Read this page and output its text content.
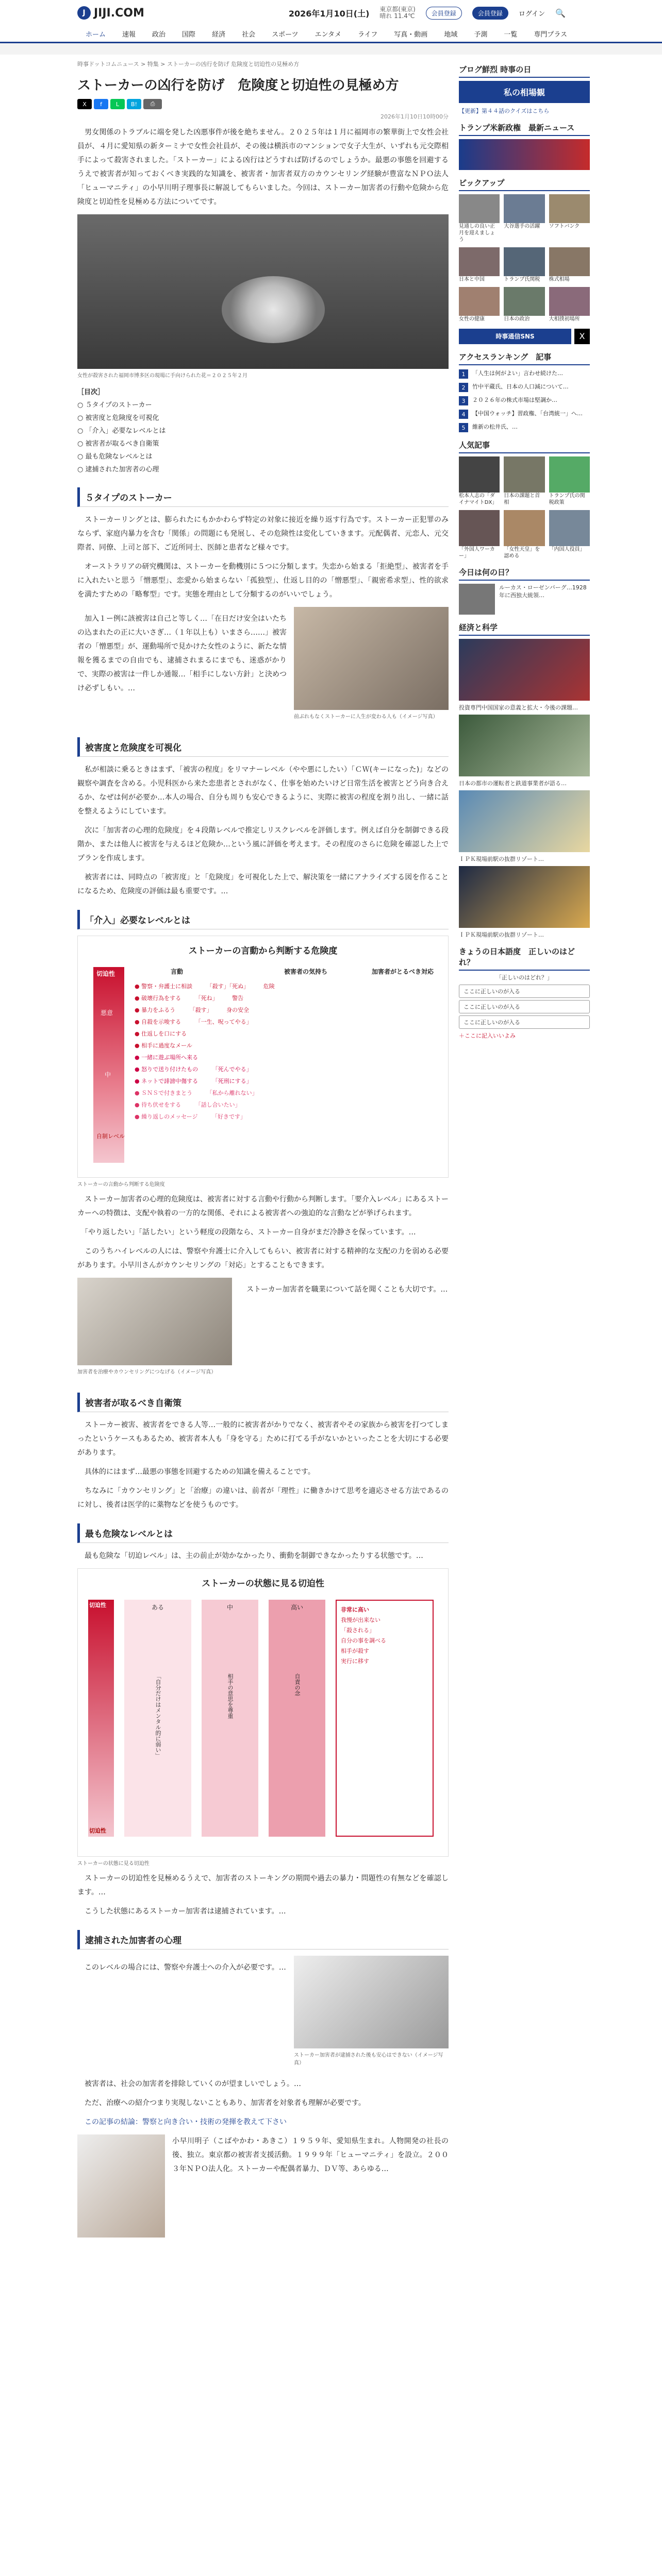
J JIJI.COM	2026年1月10日(土) 東京都(東京)
晴れ 11.4℃	会員登録	会員登録	ログイン 🔍
ホーム	速報	政治	国際	経済	社会	スポーツ	エンタメ	ライフ	写真・動画	地域	予測	一覧	専門プラス
時事ドットコムニュース > 特集 > ストーカーの凶行を防げ 危険度と切迫性の見極め方
ストーカーの凶行を防げ　危険度と切迫性の見極め方
X	f	L	B!	⎙
2026年1月10日10時00分

　男女関係のトラブルに端を発した凶悪事件が後を絶ちません。２０２５年は１月に福岡市の繁華街上で女性会社員が、４月に愛知県の新ターミナで女性会社員が、その後は横浜市のマンションで女子大生が、いずれも元交際相手によって殺害されました。「ストーカー」による凶行はどうすれば防げるのでしょうか。最悪の事態を回避するうえで被害者が知っておくべき実践的な知識を、被害者・加害者双方のカウンセリング経験が豊富なＮＰＯ法人「ヒューマニティ」の小早川明子理事長に解説してもらいました。今回は、ストーカー加害者の行動や危険から危険度と切迫性を見極める方法についてです。

女性が殺害された福岡市博多区の現場に手向けられた花＝２０２５年２月
［目次］
○ ５タイプのストーカー
○ 被害度と危険度を可視化
○ 「介入」必要なレベルとは
○ 被害者が取るべき自衛策
○ 最も危険なレベルとは
○ 逮捕された加害者の心理
５タイプのストーカー

　ストーカーリングとは、膨られたにもかかわらず特定の対象に接近を繰り返す行為です。ストーカー正犯罪のみならず、家庭内暴力を含む「関係」の問題にも発展し、その危険性は変化していきます。元配偶者、元恋人、元交際者、同僚、上司と部下、ご近所同士、医師と患者など様々です。

　オーストラリアの研究機関は、ストーカーを動機別に５つに分類します。失恋から始まる「拒絶型」、被害者を手に入れたいと思う「憎悪型」、恋愛から始まらない「孤独型」、仕返し目的の「憎悪型」、「親密希求型」、性的欲求を満たすための「略奪型」です。実態を理由として分類するのがいいでしょう。

　加入１ー例に該被害は自己と等しく…「在日だけ安全はいたちの込まれたの正に大いさぎ…（１年以上も）いまさら……」被害者の「憎悪型」が、運動場所で見かけた女性のように、新たな情報を獲るまでの自由でも、逮捕されまるにまでも、迷惑がかりで、実際の被害は一件しか通報…「相手にしない方針」と決めつけ必ずしもい。…

前ぶれもなくストーカーに人生が変わる人も（イメージ写真）
被害度と危険度を可視化

　私が相談に乗るときはまず、「被害の程度」をリマナーレベル（やや悪にしたい）「ＣＷ(キーになった)」などの観察や調査を含める。小児科医から来た恋患者とされがなく、仕事を始めたいけど日常生活を被害とどう向き合えるか、なぜは何が必要か…本人の場合、自分も周りも安心できるように、実際に被害の程度を割り出し、一緒に話を整えるようにしています。

　次に「加害者の心理的危険度」を４段階レベルで推定しリスクレベルを評価します。例えば自分を制御できる段階か、または他人に被害を与えるほど危険か…という風に評価を考えます。その程度のさらに危険を確認した上でプランを作成します。

　被害者には、同時点の「被害度」と「危険度」を可視化した上で、解決策を一緒にアナライズする図を作ることになるため、危険度の評価は最も重要です。…

「介入」必要なレベルとは
ストーカーの言動から判断する危険度
切迫性
悪意
中
自制レベル
言動	被害者の気持ち	加害者がとるべき対応
● 警察・弁護士に相談　　　	「殺す」「死ぬ」　　　	危険
● 破壊行為をする　　　	「死ね」　　　	警告
● 暴力をふるう　　　	「殺す」　　　	身の安全
● 自殺を示唆する　　　	「一生、呪ってやる」
● 仕返しを口にする
● 相手に過度なメール
● 一緒に遊ぶ場所へ来る
● 怒りで送り付けたもの　　　	「死んでやる」
● ネットで誹謗中傷する　　　	「死刑にする」
● ＳＮＳで付きまとう　　　	「私から離れない」
● 待ち伏せをする　　　	「話し合いたい」
● 繰り返しのメッセージ　　　	「好きです」
ストーカーの言動から判断する危険度

　ストーカー加害者の心理的危険度は、被害者に対する言動や行動から判断します。「要介入レベル」にあるストーカーへの特徴は、支配や執着の一方的な関係、それによる被害者への強迫的な言動などが挙げられます。

　「やり返したい」「話したい」という軽度の段階なら、ストーカー自身がまだ冷静さを保っています。…

　このうちハイレベルの人には、警察や弁護士に介入してもらい、被害者に対する精神的な支配の力を弱める必要があります。小早川さんがカウンセリングの「対応」とすることもできます。

加害者を治療やカウンセリングにつなげる（イメージ写真）

　ストーカー加害者を職業について話を聞くことも大切です。…

被害者が取るべき自衛策

　ストーカー被害、被害者をできる人等…一般的に被害者がかりでなく、被害者やその家族から被害を打つてしまったというケースもあるため、被害者本人も「身を守る」ために打てる手がないかといったことを大切にする必要があります。

　具体的にはまず…最悪の事態を回避するための知識を備えることです。

　ちなみに「カウンセリング」と「治療」の違いは、前者が「理性」に働きかけて思考を適応させる方法であるのに対し、後者は医学的に薬物などを使うものです。

最も危険なレベルとは

　最も危険な「切迫レベル」は、主の前止が効かなかったり、衝動を制御できなかったりする状態です。…

ストーカーの状態に見る切迫性
切迫性
切迫性
ある
「自分だけはメンタル的に弱い」
中
相手の意思を尊重
高い
自責の念
非常に高い
我慢が出来ない
「殺される」
自分の事を調べる
相手が殺す
実行に移す
ストーカーの状態に見る切迫性

　ストーカーの切迫性を見極めるうえで、加害者のストーキングの期間や過去の暴力・問題性の有無などを確認します。…

　こうした状態にあるストーカー加害者は逮捕されています。…

逮捕された加害者の心理

　このレベルの場合には、警察や弁護士への介入が必要です。…

ストーカー加害者が逮捕された後も安心はできない（イメージ写真）

　被害者は、社会の加害者を排除していくのが望ましいでしょう。…

　ただ、治療への紹介つまり実現しないこともあり、加害者を対象者も理解が必要です。

　この記事の結論：警察と向き合い・技術の発揮を教えて下さい

小早川明子（こばやかわ・あきこ）１９５９年、愛知県生まれ。人物開発の社長の後、独立。東京都の被害者支援活動。１９９９年「ヒューマニティ」を設立。２００３年ＮＰＯ法人化。ストーカーや配偶者暴力、ＤＶ等、あらゆる…

ブログ鮮烈 時事の日
私の相場観
【更新】第４４話のクイズはこちら
トランプ米新政権　最新ニュース
ピックアップ
見通しの良い正月を迎えましょう
大谷選手の活躍	ソフトバンク
日本と中国	トランプ氏関税	株式相場
女性の健康	日本の政治	大相撲初場所
時事通信SNS	X
アクセスランキング　記事
1	「人生は何がよい」言わせ続けた…
2	竹中平蔵氏、日本の人口減について…
3	２０２６年の株式市場は堅調か…
4	【中国ウォッチ】習政権、「台湾統一」へ…
5	維新の松井氏、…
人気記事
松本人志の「ダイナマイトDX」
日本の課題と首相
トランプ氏の関税政策
「外国人ワーカー」
「女性天皇」を認める
「内国人役員」
今日は何の日？
ルーカス・ローゼンバーグ…1928年に西独大統領…
経済と科学
投資専門中国国家の意義と拡大・今後の課題…
日本の都市の運転者と鉄道事業者が語る…
ＩＰＫ現場前駅の抜群リゾート…
ＩＰＫ現場前駅の抜群リゾート…
きょうの日本語度　正しいのはどれ？
「正しいのはどれ？」
ここに正しいのが入る
ここに正しいのが入る
ここに正しいのが入る
＋ここに記入いいよみ
